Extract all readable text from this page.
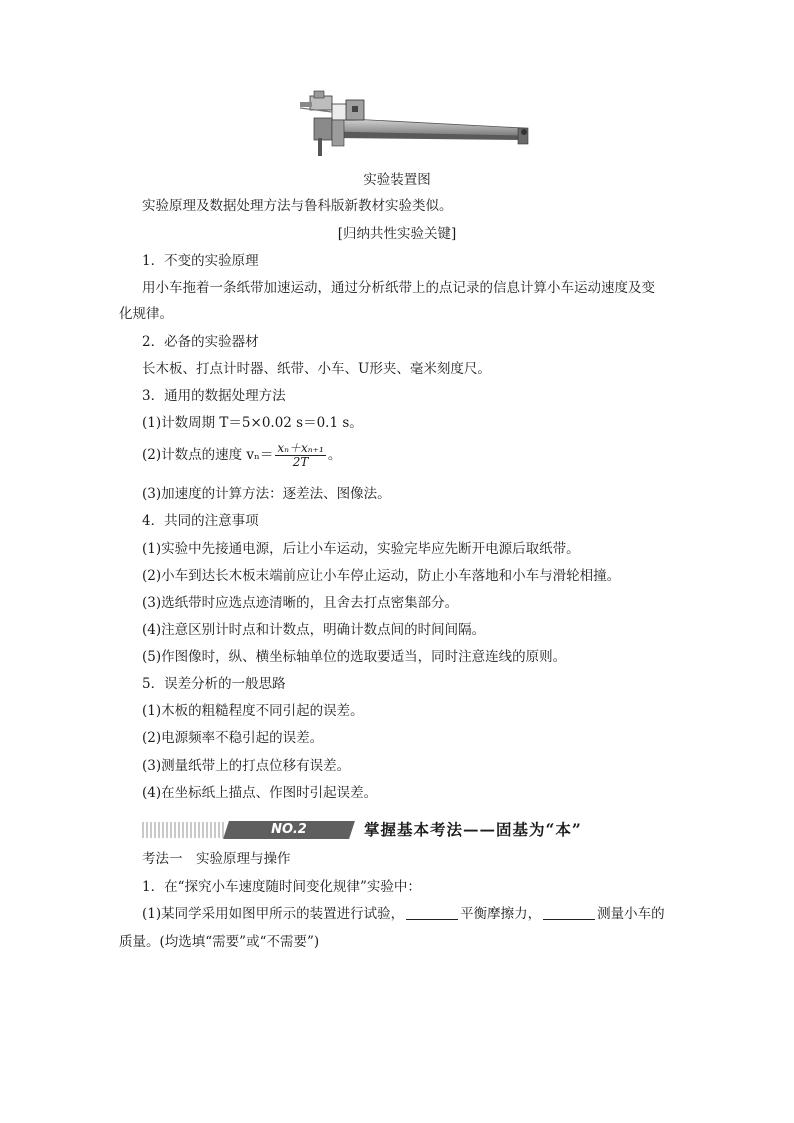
实验装置图
实验原理及数据处理方法与鲁科版新教材实验类似。
[归纳共性实验关键]
1．不变的实验原理
用小车拖着一条纸带加速运动，通过分析纸带上的点记录的信息计算小车运动速度及变
化规律。
2．必备的实验器材
长木板、打点计时器、纸带、小车、U形夹、毫米刻度尺。
3．通用的数据处理方法
(1)计数周期 T＝5×0.02 s＝0.1 s。
(2)计数点的速度 $v_n= \frac{\text{xₙ＋xₙ₊₁}}{2T}$ 。
(3)加速度的计算方法：逐差法、图像法。
4．共同的注意事项
(1)实验中先接通电源，后让小车运动，实验完毕应先断开电源后取纸带。
(2)小车到达长木板末端前应让小车停止运动，防止小车落地和小车与滑轮相撞。
(3)选纸带时应选点迹清晰的，且舍去打点密集部分。
(4)注意区别计时点和计数点，明确计数点间的时间间隔。
(5)作图像时，纵、横坐标轴单位的选取要适当，同时注意连线的原则。
5．误差分析的一般思路
(1)木板的粗糙程度不同引起的误差。
(2)电源频率不稳引起的误差。
(3)测量纸带上的打点位移有误差。
(4)在坐标纸上描点、作图时引起误差。
NO.2	掌握基本考法——固基为“本”
考法一　实验原理与操作
1．在“探究小车速度随时间变化规律”实验中：
(1)某同学采用如图甲所示的装置进行试验，	平衡摩擦力，	测量小车的
质量。(均选填“需要”或“不需要”)
